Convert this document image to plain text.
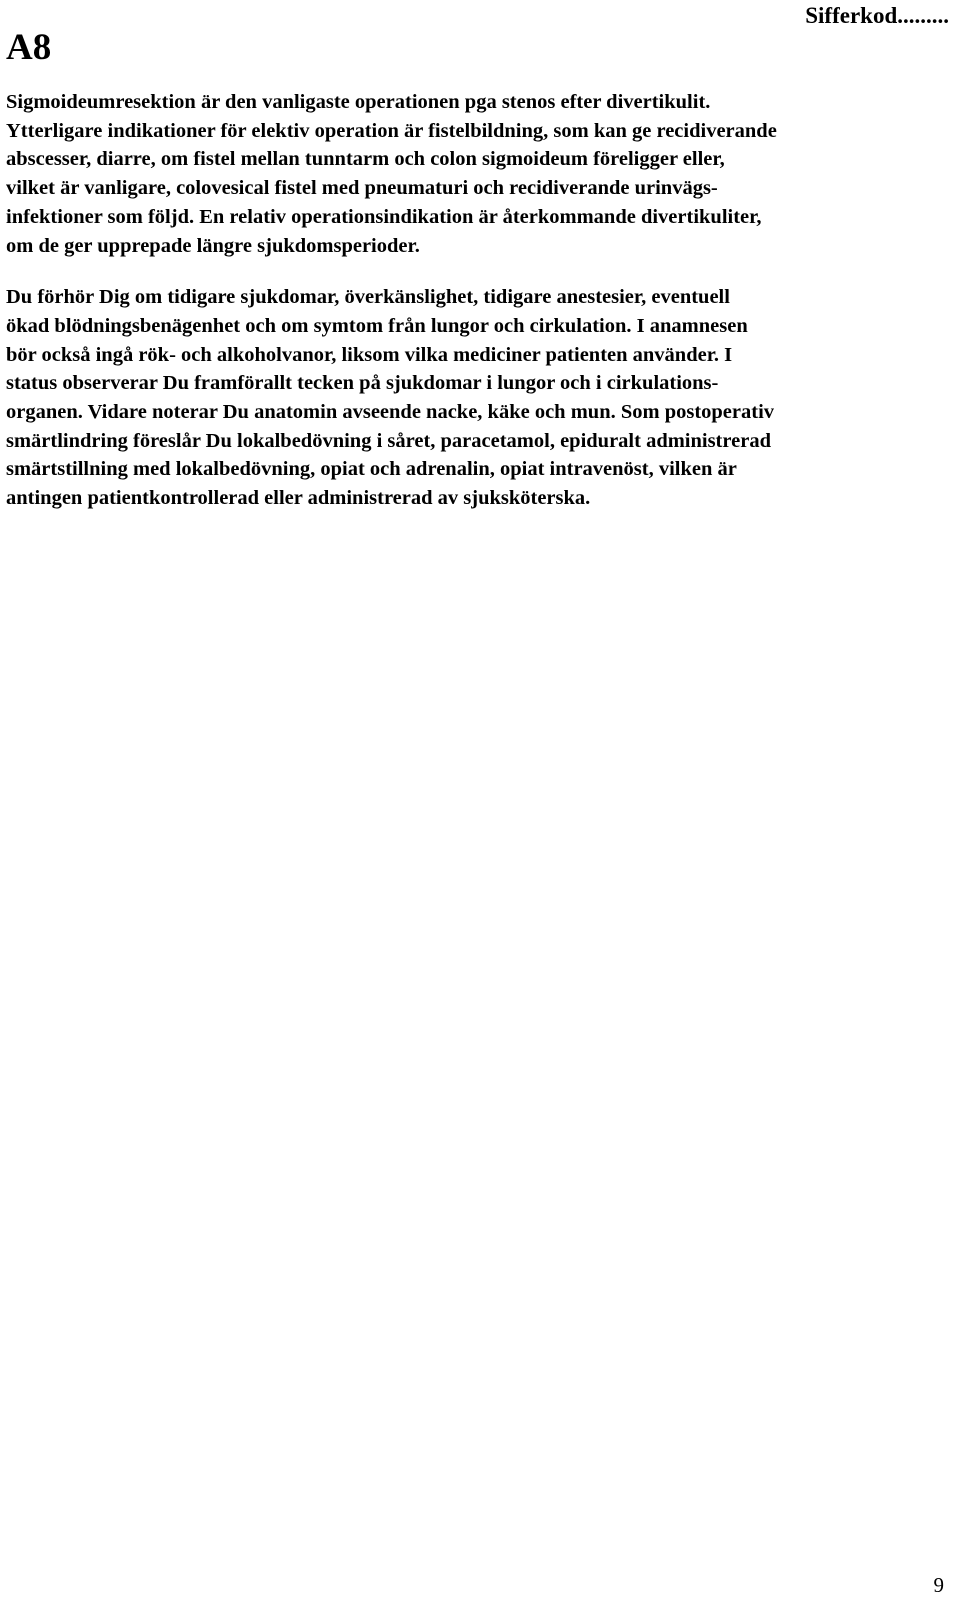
Sifferkod.........
A8

Sigmoideumresektion är den vanligaste operationen pga stenos efter divertikulit.
Ytterligare indikationer för elektiv operation är fistelbildning, som kan ge recidiverande
abscesser, diarre, om fistel mellan tunntarm och colon sigmoideum föreligger eller,
vilket är vanligare, colovesical fistel med pneumaturi och recidiverande urinvägs-
infektioner som följd. En relativ operationsindikation är återkommande divertikuliter,
om de ger upprepade längre sjukdomsperioder.

Du förhör Dig om tidigare sjukdomar, överkänslighet, tidigare anestesier, eventuell
ökad blödningsbenägenhet och om symtom från lungor och cirkulation. I anamnesen
bör också ingå rök- och alkoholvanor, liksom vilka mediciner patienten använder. I
status observerar Du framförallt tecken på sjukdomar i lungor och i cirkulations-
organen. Vidare noterar Du anatomin avseende nacke, käke och mun. Som postoperativ
smärtlindring föreslår Du lokalbedövning i såret, paracetamol, epiduralt administrerad
smärtstillning med lokalbedövning, opiat och adrenalin, opiat intravenöst, vilken är
antingen patientkontrollerad eller administrerad av sjuksköterska.

9
